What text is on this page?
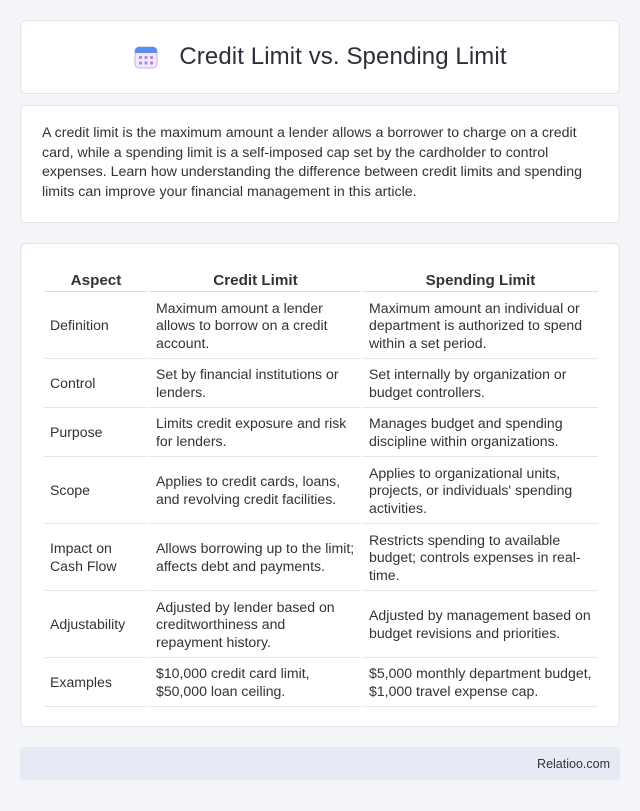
Credit Limit vs. Spending Limit

A credit limit is the maximum amount a lender allows a borrower to charge on a credit card, while a spending limit is a self-imposed cap set by the cardholder to control expenses. Learn how understanding the difference between credit limits and spending limits can improve your financial management in this article.

Aspect	Credit Limit	Spending Limit
Definition	Maximum amount a lender allows to borrow on a credit account.	Maximum amount an individual or department is authorized to spend within a set period.
Control	Set by financial institutions or lenders.	Set internally by organization or budget controllers.
Purpose	Limits credit exposure and risk for lenders.	Manages budget and spending discipline within organizations.
Scope	Applies to credit cards, loans, and revolving credit facilities.	Applies to organizational units, projects, or individuals' spending activities.
Impact on Cash Flow	Allows borrowing up to the limit; affects debt and payments.	Restricts spending to available budget; controls expenses in real-time.
Adjustability	Adjusted by lender based on creditworthiness and repayment history.	Adjusted by management based on budget revisions and priorities.
Examples	$10,000 credit card limit, $50,000 loan ceiling.	$5,000 monthly department budget, $1,000 travel expense cap.
Relatioo.com
